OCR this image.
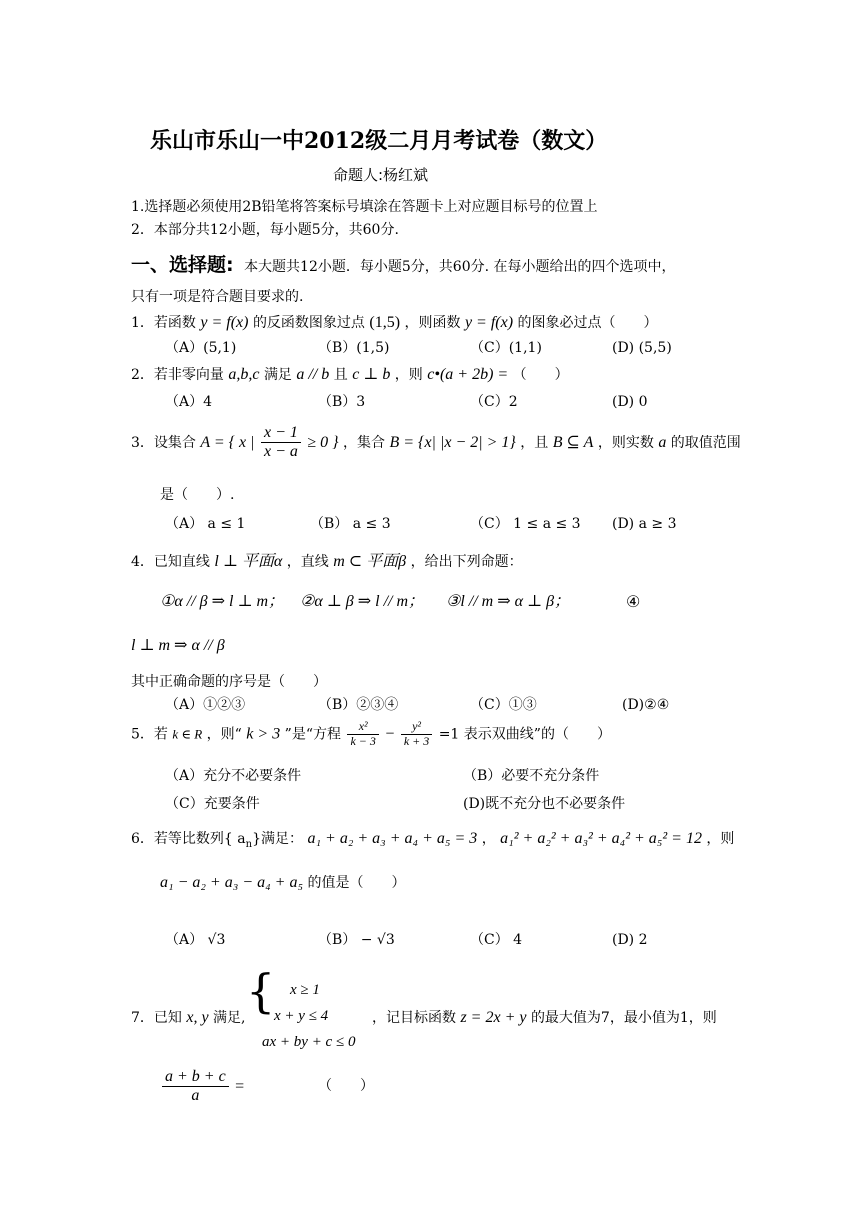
乐山市乐山一中2012级二月月考试卷（数文）
命题人:杨红斌
1.选择题必须使用2B铅笔将答案标号填涂在答题卡上对应题目标号的位置上
2．本部分共12小题，每小题5分，共60分.
一、选择题: 本大题共12小题．每小题5分，共60分. 在每小题给出的四个选项中，
只有一项是符合题目要求的.
1．若函数 y = f(x) 的反函数图象过点 (1,5) ，则函数 y = f(x) 的图象必过点（　　）
（A）(5,1)	（B）(1,5)	（C）(1,1)	(D) (5,5)
2．若非零向量 a,b,c 满足 a // b 且 c ⊥ b ，则 c•(a + 2b) = （　　）
（A）4	（B）3	（C）2	(D) 0
3．设集合 A = { x | $\frac{x - 1}{x - a} \ge 0$ } ，集合 B = {x| |x − 2| > 1} ，且 B ⊆ A ，则实数 a 的取值范围
是（　　）.
（A） a ≤ 1	（B） a ≤ 3	（C） 1 ≤ a ≤ 3 (D) a ≥ 3
4．已知直线 l ⊥ 平面α ，直线 m ⊂ 平面β ，给出下列命题：
①α // β ⇒ l ⊥ m； ②α ⊥ β ⇒ l // m； ③l // m ⇒ α ⊥ β；	④
l ⊥ m ⇒ α // β
其中正确命题的序号是（　　）
（A）①②③	（B）②③④	（C）①③	(D)②④
5．若 k ∈ R ，则“ k > 3 ”是“方程 $\frac{\text{x²}}{k - 3} - \frac{\text{y²}}{k + 3} =1$ 表示双曲线”的（　　）
（A）充分不必要条件	（B）必要不充分条件
（C）充要条件	(D)既不充分也不必要条件
6．若等比数列{ $a_n$}满足： a₁ + a₂ + a₃ + a₄ + a₅ = 3 ， a₁² + a₂² + a₃² + a₄² + a₅² = 12 ，则
a₁ − a₂ + a₃ − a₄ + a₅ 的值是（　　）
（A） √3	（B） − √3	（C） 4	(D) 2
7．已知 x, y 满足, { x ≥ 1
x + y ≤ 4
ax + by + c ≤ 0
，记目标函数 z = 2x + y 的最大值为7，最小值为1，则
$\frac{a + b + c}{a}$ =	（　　）
